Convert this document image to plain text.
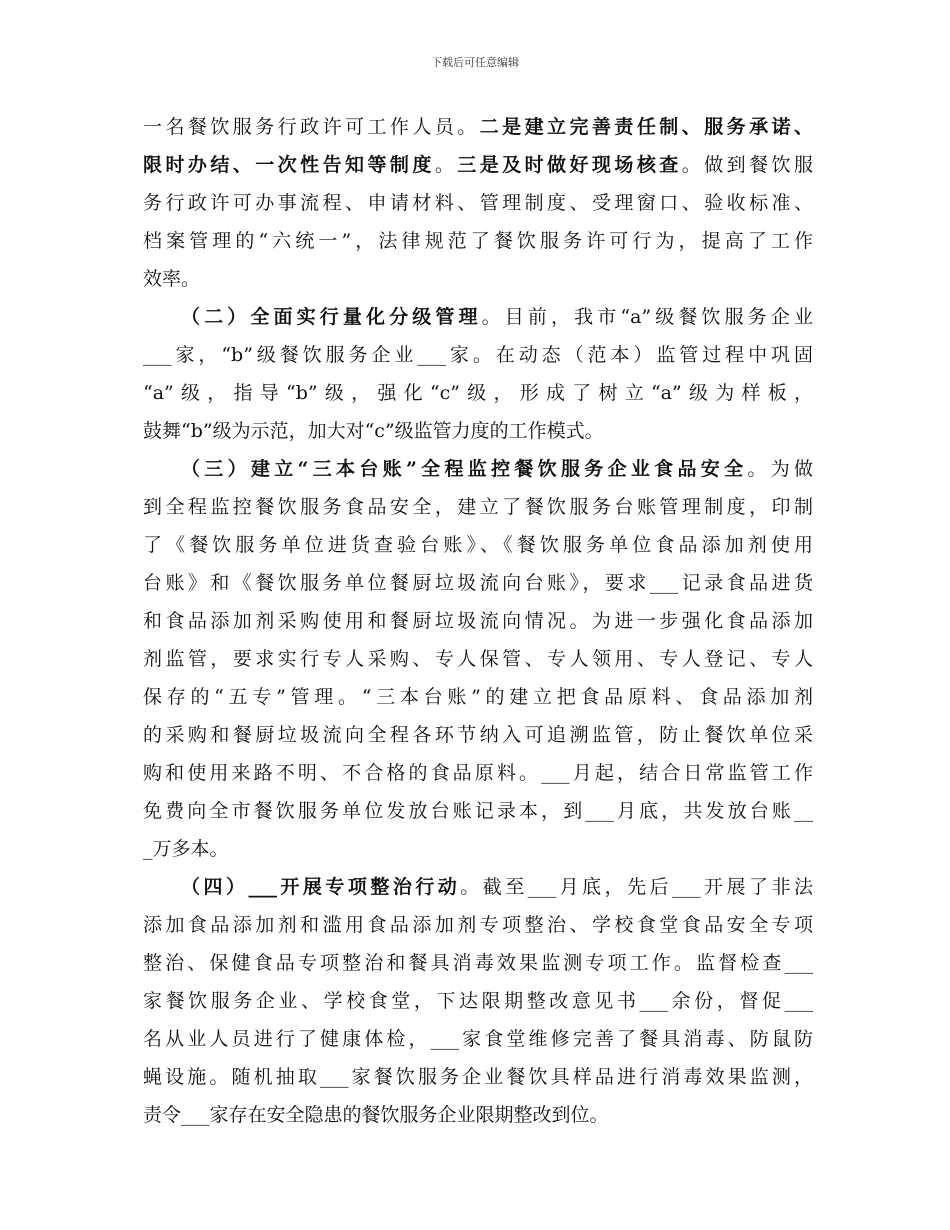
下载后可任意编辑
一名餐饮服务行政许可工作人员。二是建立完善责任制、服务承诺、
限时办结、一次性告知等制度。三是及时做好现场核查。做到餐饮服
务行政许可办事流程、申请材料、管理制度、受理窗口、验收标准、
档案管理的“六统一”，法律规范了餐饮服务许可行为，提高了工作
效率。
（二）全面实行量化分级管理。目前，我市“a”级餐饮服务企业
___家，“b”级餐饮服务企业___家。在动态（范本）监管过程中巩固
“a”级，指导“b”级，强化“c”级，形成了树立“a”级为样板，
鼓舞“b”级为示范，加大对“c”级监管力度的工作模式。
（三）建立“三本台账”全程监控餐饮服务企业食品安全。为做
到全程监控餐饮服务食品安全，建立了餐饮服务台账管理制度，印制
了《餐饮服务单位进货查验台账》、《餐饮服务单位食品添加剂使用
台账》和《餐饮服务单位餐厨垃圾流向台账》，要求___记录食品进货
和食品添加剂采购使用和餐厨垃圾流向情况。为进一步强化食品添加
剂监管，要求实行专人采购、专人保管、专人领用、专人登记、专人
保存的“五专”管理。“三本台账”的建立把食品原料、食品添加剂
的采购和餐厨垃圾流向全程各环节纳入可追溯监管，防止餐饮单位采
购和使用来路不明、不合格的食品原料。___月起，结合日常监管工作
免费向全市餐饮服务单位发放台账记录本，到___月底，共发放台账__
_万多本。
（四）___开展专项整治行动。截至___月底，先后___开展了非法
添加食品添加剂和滥用食品添加剂专项整治、学校食堂食品安全专项
整治、保健食品专项整治和餐具消毒效果监测专项工作。监督检查___
家餐饮服务企业、学校食堂，下达限期整改意见书___余份，督促___
名从业人员进行了健康体检，___家食堂维修完善了餐具消毒、防鼠防
蝇设施。随机抽取___家餐饮服务企业餐饮具样品进行消毒效果监测，
责令___家存在安全隐患的餐饮服务企业限期整改到位。
